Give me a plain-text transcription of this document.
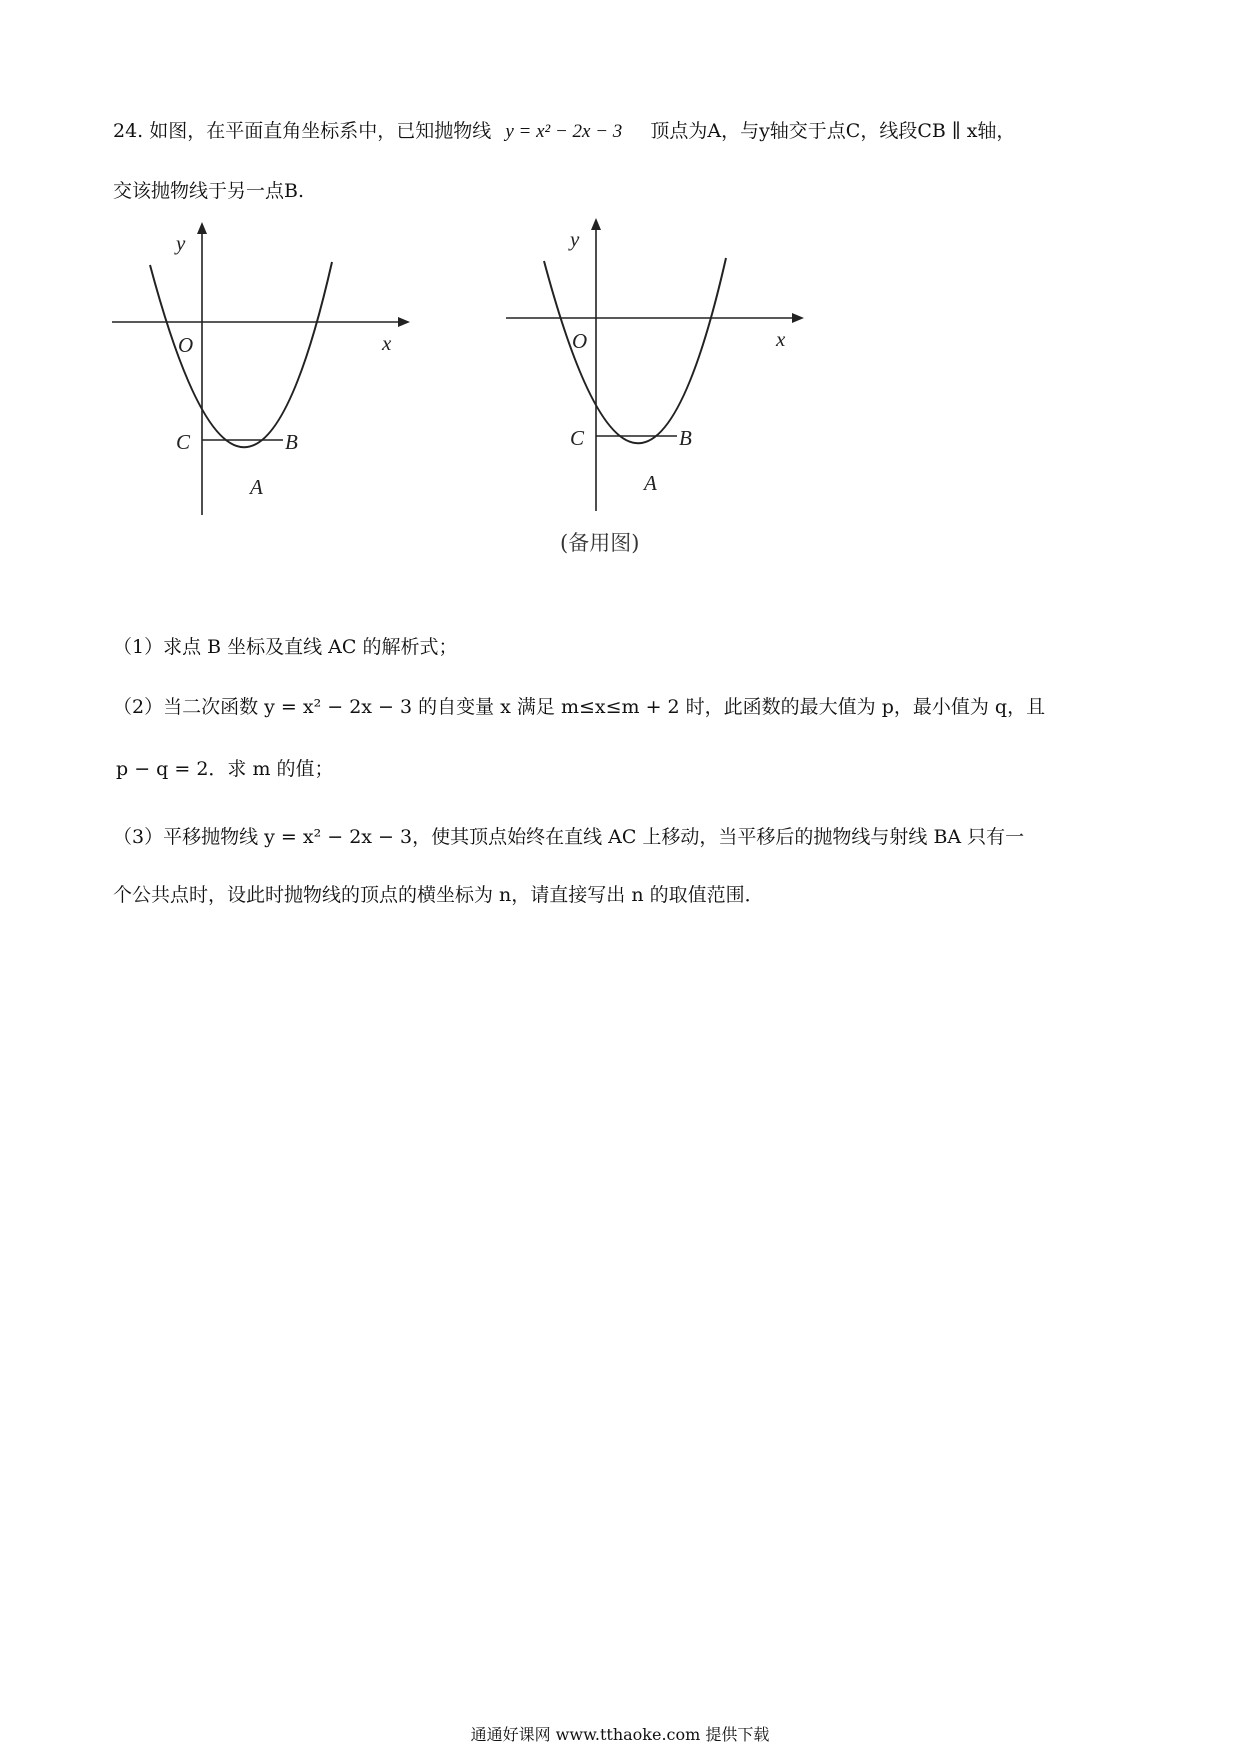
24. 如图，在平面直角坐标系中，已知抛物线 y = x² − 2x − 3 顶点为A，与y轴交于点C，线段CB ∥ x轴，
交该抛物线于另一点B.
y
x
O
C	B
A
y
x
O
C	B
A
(备用图)
（1）求点 B 坐标及直线 AC 的解析式；
（2）当二次函数 y = x² − 2x − 3 的自变量 x 满足 m≤x≤m + 2 时，此函数的最大值为 p，最小值为 q，且
p − q = 2．求 m 的值；
（3）平移抛物线 y = x² − 2x − 3，使其顶点始终在直线 AC 上移动，当平移后的抛物线与射线 BA 只有一
个公共点时，设此时抛物线的顶点的横坐标为 n，请直接写出 n 的取值范围．
通通好课网 www.tthaoke.com 提供下载
